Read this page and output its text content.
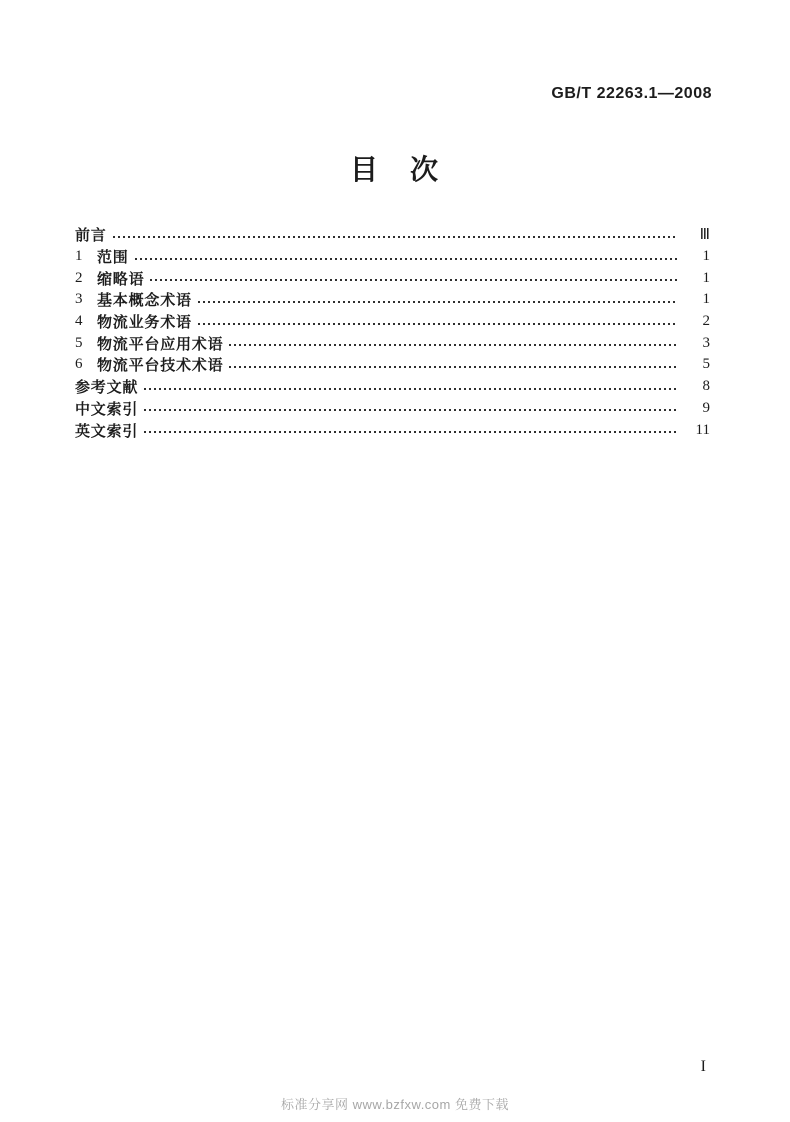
GB/T 22263.1—2008
目　次
前言	Ⅲ
1 范围	1
2 缩略语	1
3 基本概念术语	1
4 物流业务术语	2
5 物流平台应用术语	3
6 物流平台技术术语	5
参考文献	8
中文索引	9
英文索引	11
I
标准分享网 www.bzfxw.com 免费下载
